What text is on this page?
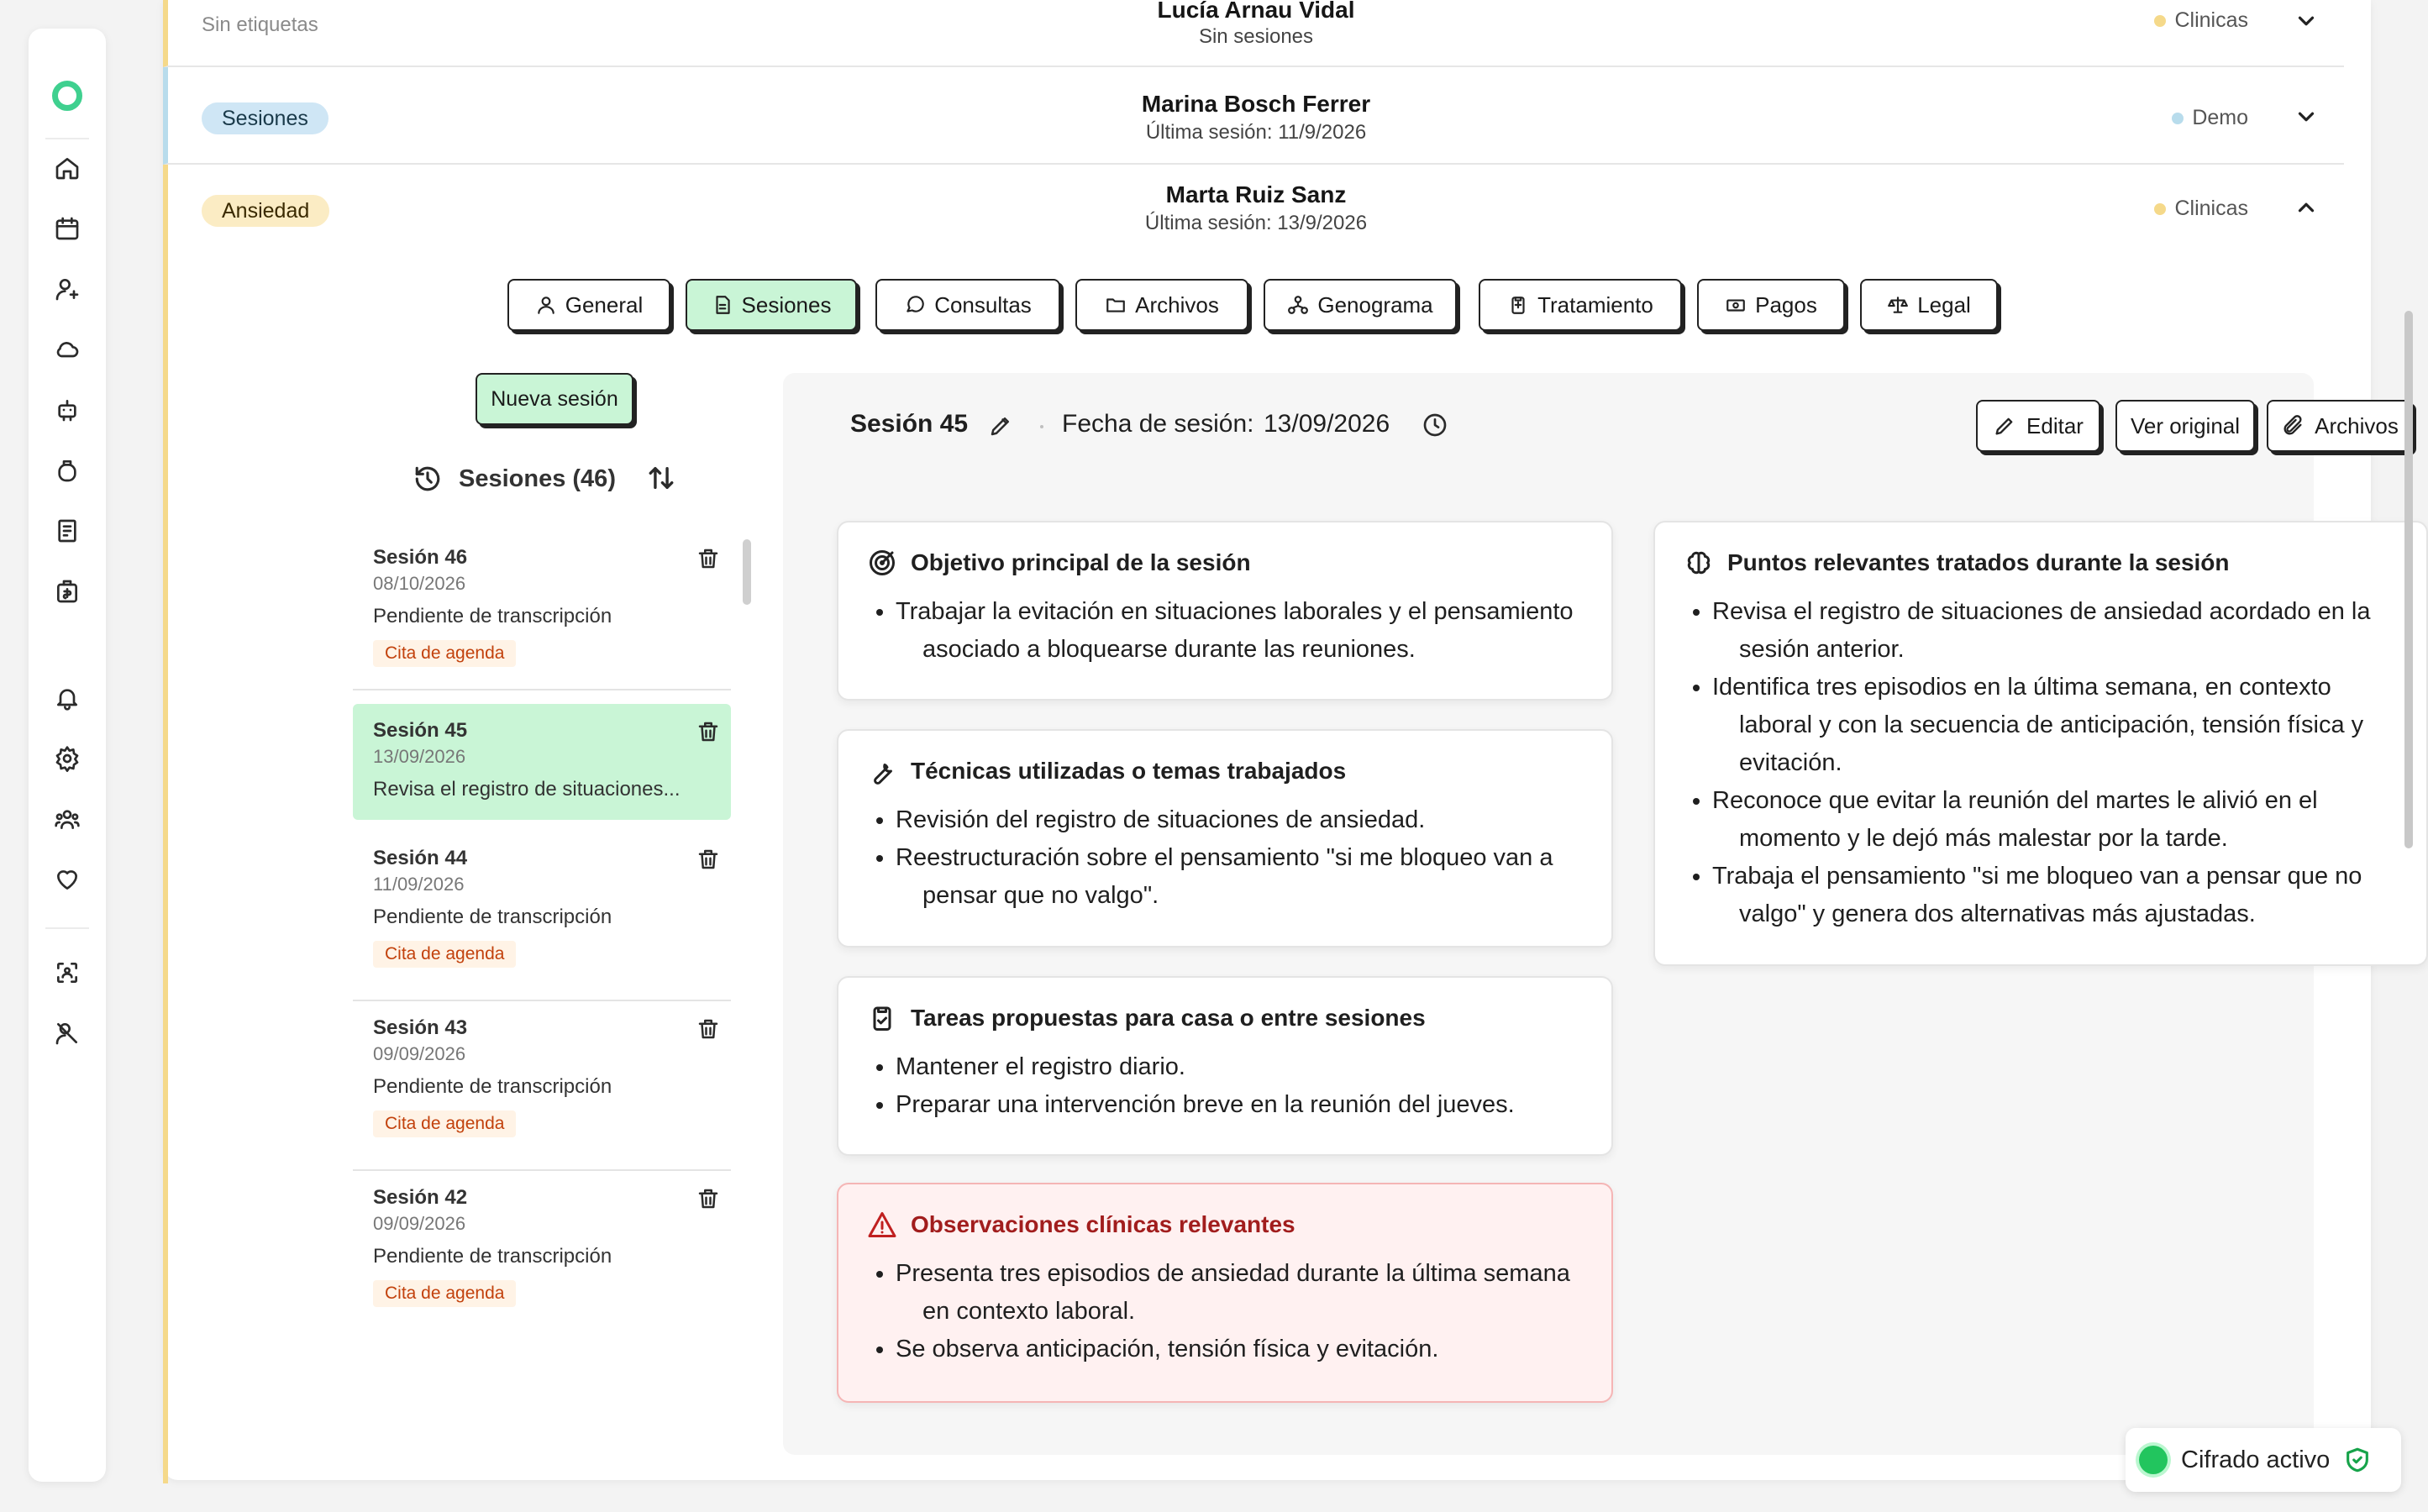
Sin etiquetas
Lucía Arnau Vidal
Sin sesiones
Clinicas
Sesiones
Marina Bosch Ferrer
Última sesión: 11/9/2026
Demo
Ansiedad
Marta Ruiz Sanz
Última sesión: 13/9/2026
Clinicas
General	Sesiones	Consultas	Archivos	Genograma	Tratamiento	Pagos	Legal
Nueva sesión
Sesiones (46)
Sesión 46
08/10/2026
Pendiente de transcripción
Cita de agenda
Sesión 45
13/09/2026
Revisa el registro de situaciones...
Sesión 44
11/09/2026
Pendiente de transcripción
Cita de agenda
Sesión 43
09/09/2026
Pendiente de transcripción
Cita de agenda
Sesión 42
09/09/2026
Pendiente de transcripción
Cita de agenda
Sesión 45	Fecha de sesión: 13/09/2026	Editar Ver original	Archivos
Objetivo principal de la sesión
• Trabajar la evitación en situaciones laborales y el pensamiento asociado a bloquearse durante las reuniones.
Técnicas utilizadas o temas trabajados
• Revisión del registro de situaciones de ansiedad.
• Reestructuración sobre el pensamiento "si me bloqueo van a pensar que no valgo".
Tareas propuestas para casa o entre sesiones
• Mantener el registro diario.
• Preparar una intervención breve en la reunión del jueves.
Observaciones clínicas relevantes
• Presenta tres episodios de ansiedad durante la última semana en contexto laboral.
• Se observa anticipación, tensión física y evitación.
Puntos relevantes tratados durante la sesión
• Revisa el registro de situaciones de ansiedad acordado en la sesión anterior.
• Identifica tres episodios en la última semana, en contexto laboral y con la secuencia de anticipación, tensión física y evitación.
• Reconoce que evitar la reunión del martes le alivió en el momento y le dejó más malestar por la tarde.
• Trabaja el pensamiento "si me bloqueo van a pensar que no valgo" y genera dos alternativas más ajustadas.
Cifrado activo
